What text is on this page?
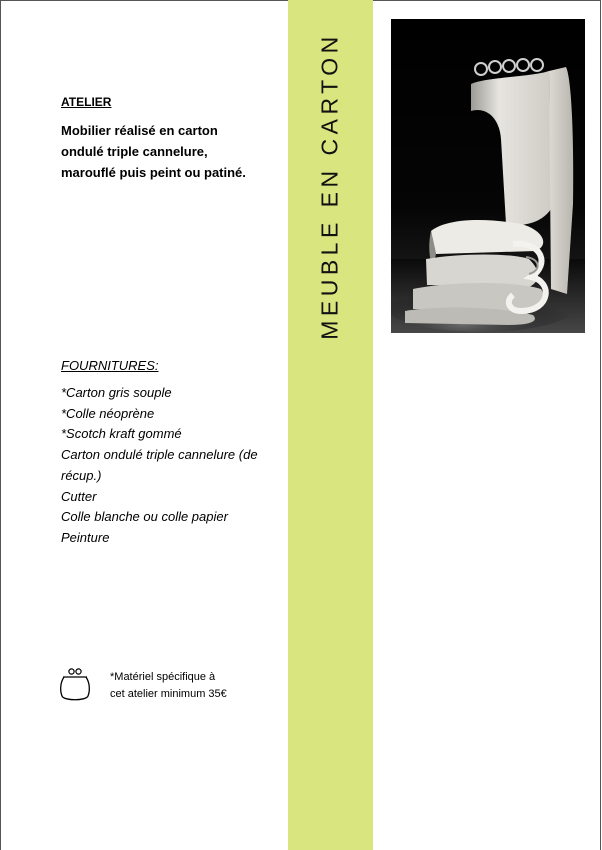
MEUBLE EN CARTON
ATELIER
Mobilier réalisé en carton ondulé triple cannelure, marouflé puis peint ou patiné.
FOURNITURES:
*Carton gris souple
*Colle néoprène
*Scotch kraft gommé
Carton ondulé triple cannelure (de récup.)
Cutter
Colle blanche ou colle papier
Peinture
*Matériel spécifique à cet atelier minimum 35€
